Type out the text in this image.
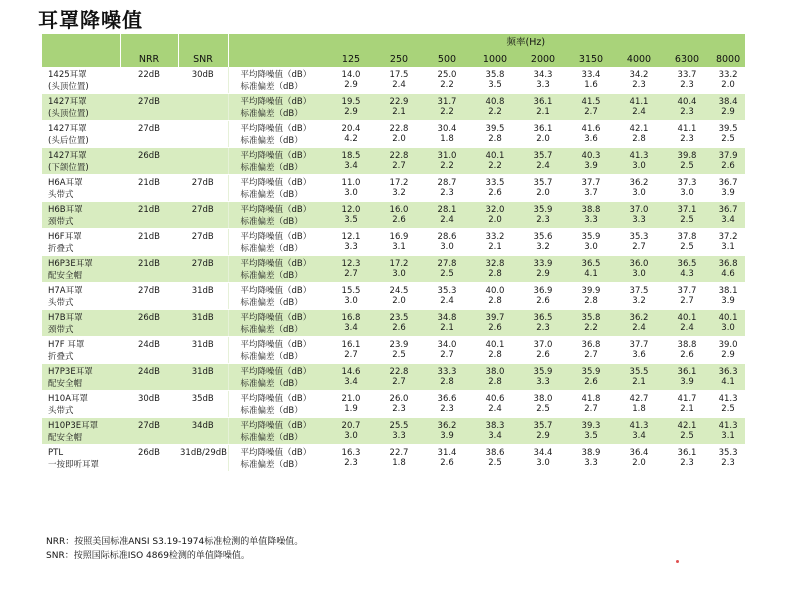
耳罩降噪值
			频率(Hz)									
	NRR	SNR		125	250	500	1000	2000	3150	4000	6300	8000
1425耳罩	22dB	30dB	平均降噪值（dB）	14.0	17.5	25.0	35.8	34.3	33.4	34.2	33.7	33.2
(头顶位置)			标准偏差（dB）	2.9	2.4	2.2	3.5	3.3	1.6	2.3	2.3	2.0
1427耳罩	27dB		平均降噪值（dB）	19.5	22.9	31.7	40.8	36.1	41.5	41.1	40.4	38.4
(头顶位置)			标准偏差（dB）	2.9	2.1	2.2	2.2	2.1	2.7	2.4	2.3	2.9
1427耳罩	27dB		平均降噪值（dB）	20.4	22.8	30.4	39.5	36.1	41.6	42.1	41.1	39.5
(头后位置)			标准偏差（dB）	4.2	2.0	1.8	2.8	2.0	3.6	2.8	2.3	2.5
1427耳罩	26dB		平均降噪值（dB）	18.5	22.8	31.0	40.1	35.7	40.3	41.3	39.8	37.9
(下颌位置)			标准偏差（dB）	3.4	2.7	2.2	2.2	2.4	3.9	3.0	2.5	2.6
H6A耳罩	21dB	27dB	平均降噪值（dB）	11.0	17.2	28.7	33.5	35.7	37.7	36.2	37.3	36.7
头带式			标准偏差（dB）	3.0	3.2	2.3	2.6	2.0	3.7	3.0	3.0	3.9
H6B耳罩	21dB	27dB	平均降噪值（dB）	12.0	16.0	28.1	32.0	35.9	38.8	37.0	37.1	36.7
颈带式			标准偏差（dB）	3.5	2.6	2.4	2.0	2.3	3.3	3.3	2.5	3.4
H6F耳罩	21dB	27dB	平均降噪值（dB）	12.1	16.9	28.6	33.2	35.6	35.9	35.3	37.8	37.2
折叠式			标准偏差（dB）	3.3	3.1	3.0	2.1	3.2	3.0	2.7	2.5	3.1
H6P3E耳罩	21dB	27dB	平均降噪值（dB）	12.3	17.2	27.8	32.8	33.9	36.5	36.0	36.5	36.8
配安全帽			标准偏差（dB）	2.7	3.0	2.5	2.8	2.9	4.1	3.0	4.3	4.6
H7A耳罩	27dB	31dB	平均降噪值（dB）	15.5	24.5	35.3	40.0	36.9	39.9	37.5	37.7	38.1
头带式			标准偏差（dB）	3.0	2.0	2.4	2.8	2.6	2.8	3.2	2.7	3.9
H7B耳罩	26dB	31dB	平均降噪值（dB）	16.8	23.5	34.8	39.7	36.5	35.8	36.2	40.1	40.1
颈带式			标准偏差（dB）	3.4	2.6	2.1	2.6	2.3	2.2	2.4	2.4	3.0
H7F 耳罩	24dB	31dB	平均降噪值（dB）	16.1	23.9	34.0	40.1	37.0	36.8	37.7	38.8	39.0
折叠式			标准偏差（dB）	2.7	2.5	2.7	2.8	2.6	2.7	3.6	2.6	2.9
H7P3E耳罩	24dB	31dB	平均降噪值（dB）	14.6	22.8	33.3	38.0	35.9	35.9	35.5	36.1	36.3
配安全帽			标准偏差（dB）	3.4	2.7	2.8	2.8	3.3	2.6	2.1	3.9	4.1
H10A耳罩	30dB	35dB	平均降噪值（dB）	21.0	26.0	36.6	40.6	38.0	41.8	42.7	41.7	41.3
头带式			标准偏差（dB）	1.9	2.3	2.3	2.4	2.5	2.7	1.8	2.1	2.5
H10P3E耳罩	27dB	34dB	平均降噪值（dB）	20.7	25.5	36.2	38.3	35.7	39.3	41.3	42.1	41.3
配安全帽			标准偏差（dB）	3.0	3.3	3.9	3.4	2.9	3.5	3.4	2.5	3.1
PTL	26dB	31dB/29dB	平均降噪值（dB）	16.3	22.7	31.4	38.6	34.4	38.9	36.4	36.1	35.3
一按即听耳罩			标准偏差（dB）	2.3	1.8	2.6	2.5	3.0	3.3	2.0	2.3	2.3
NRR：按照美国标准ANSI S3.19-1974标准检测的单值降噪值。
SNR：按照国际标准ISO 4869检测的单值降噪值。
